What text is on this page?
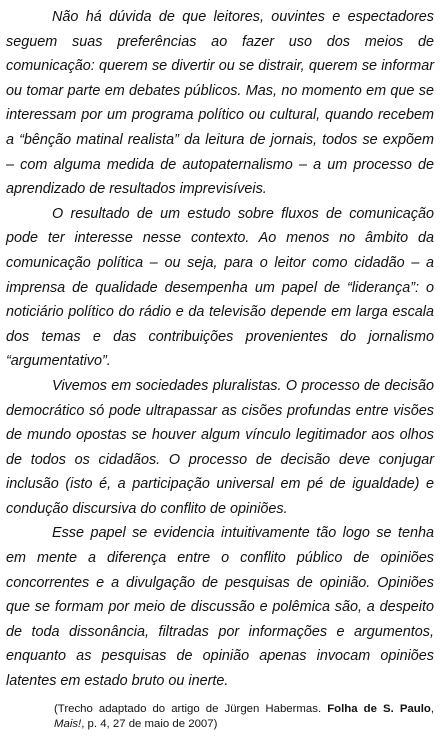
Não há dúvida de que leitores, ouvintes e espectadores seguem suas preferências ao fazer uso dos meios de comunicação: querem se divertir ou se distrair, querem se informar ou tomar parte em debates públicos. Mas, no momento em que se interessam por um programa político ou cultural, quando recebem a “bênção matinal realista” da leitura de jornais, todos se expõem – com alguma medida de autopaternalismo – a um processo de aprendizado de resultados imprevisíveis.

O resultado de um estudo sobre fluxos de comunicação pode ter interesse nesse contexto. Ao menos no âmbito da comunicação política – ou seja, para o leitor como cidadão – a imprensa de qualidade desempenha um papel de “liderança”: o noticiário político do rádio e da televisão depende em larga escala dos temas e das contribuições provenientes do jornalismo “argumentativo”.

Vivemos em sociedades pluralistas. O processo de decisão democrático só pode ultrapassar as cisões profundas entre visões de mundo opostas se houver algum vínculo legitimador aos olhos de todos os cidadãos. O processo de decisão deve conjugar inclusão (isto é, a participação universal em pé de igualdade) e condução discursiva do conflito de opiniões.

Esse papel se evidencia intuitivamente tão logo se tenha em mente a diferença entre o conflito público de opiniões concorrentes e a divulgação de pesquisas de opinião. Opiniões que se formam por meio de discussão e polêmica são, a despeito de toda dissonância, filtradas por informações e argumentos, enquanto as pesquisas de opinião apenas invocam opiniões latentes em estado bruto ou inerte.

(Trecho adaptado do artigo de Jürgen Habermas. Folha de S. Paulo, Mais!, p. 4, 27 de maio de 2007)
